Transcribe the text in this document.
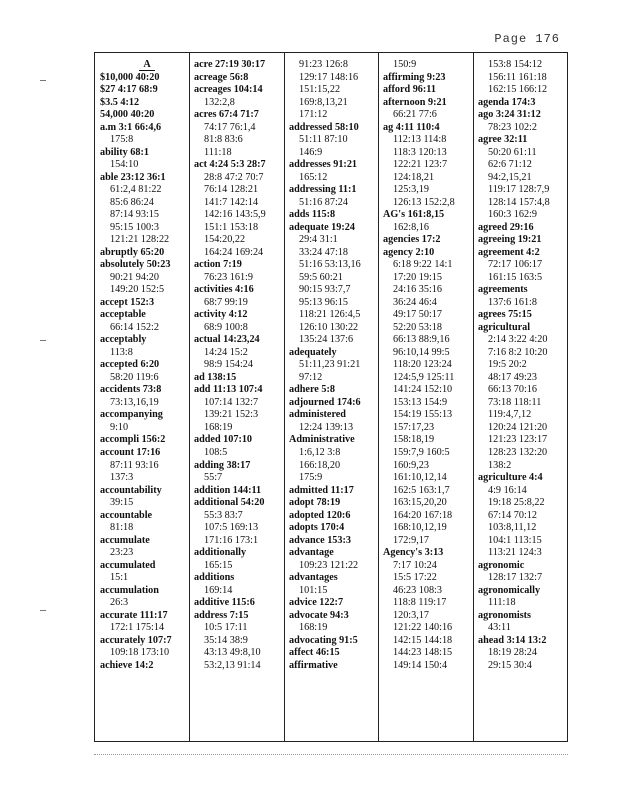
Page 176
A
$10,000 40:20
$27 4:17 68:9
$3.5 4:12
54,000 40:20
a.m 3:1 66:4,6
175:8
ability 68:1
154:10
able 23:12 36:1
61:2,4 81:22
85:6 86:24
87:14 93:15
95:15 100:3
121:21 128:22
abruptly 65:20
absolutely 50:23
90:21 94:20
149:20 152:5
accept 152:3
acceptable
66:14 152:2
acceptably
113:8
accepted 6:20
58:20 119:6
accidents 73:8
73:13,16,19
accompanying
9:10
accompli 156:2
account 17:16
87:11 93:16
137:3
accountability
39:15
accountable
81:18
accumulate
23:23
accumulated
15:1
accumulation
26:3
accurate 111:17
172:1 175:14
accurately 107:7
109:18 173:10
achieve 14:2
acre 27:19 30:17
acreage 56:8
acreages 104:14
132:2,8
acres 67:4 71:7
74:17 76:1,4
81:8 83:6
111:18
act 4:24 5:3 28:7
28:8 47:2 70:7
76:14 128:21
141:7 142:14
142:16 143:5,9
151:1 153:18
154:20,22
164:24 169:24
action 7:19
76:23 161:9
activities 4:16
68:7 99:19
activity 4:12
68:9 100:8
actual 14:23,24
14:24 15:2
98:9 154:24
ad 138:15
add 11:13 107:4
107:14 132:7
139:21 152:3
168:19
added 107:10
108:5
adding 38:17
55:7
addition 144:11
additional 54:20
55:3 83:7
107:5 169:13
171:16 173:1
additionally
165:15
additions
169:14
additive 115:6
address 7:15
10:5 17:11
35:14 38:9
43:13 49:8,10
53:2,13 91:14
91:23 126:8
129:17 148:16
151:15,22
169:8,13,21
171:12
addressed 58:10
51:11 87:10
146:9
addresses 91:21
165:12
addressing 11:1
51:16 87:24
adds 115:8
adequate 19:24
29:4 31:1
33:24 47:18
51:16 53:13,16
59:5 60:21
90:15 93:7,7
95:13 96:15
118:21 126:4,5
126:10 130:22
135:24 137:6
adequately
51:11,23 91:21
97:12
adhere 5:8
adjourned 174:6
administered
12:24 139:13
Administrative
1:6,12 3:8
166:18,20
175:9
admitted 11:17
adopt 78:19
adopted 120:6
adopts 170:4
advance 153:3
advantage
109:23 121:22
advantages
101:15
advice 122:7
advocate 94:3
168:19
advocating 91:5
affect 46:15
affirmative
150:9
affirming 9:23
afford 96:11
afternoon 9:21
66:21 77:6
ag 4:11 110:4
112:13 114:8
118:3 120:13
122:21 123:7
124:18,21
125:3,19
126:13 152:2,8
AG's 161:8,15
162:8,16
agencies 17:2
agency 2:10
6:18 9:22 14:1
17:20 19:15
24:16 35:16
36:24 46:4
49:17 50:17
52:20 53:18
66:13 88:9,16
96:10,14 99:5
118:20 123:24
124:5,9 125:11
141:24 152:10
153:13 154:9
154:19 155:13
157:17,23
158:18,19
159:7,9 160:5
160:9,23
161:10,12,14
162:5 163:1,7
163:15,20,20
164:20 167:18
168:10,12,19
172:9,17
Agency's 3:13
7:17 10:24
15:5 17:22
46:23 108:3
118:8 119:17
120:3,17
121:22 140:16
142:15 144:18
144:23 148:15
149:14 150:4
153:8 154:12
156:11 161:18
162:15 166:12
agenda 174:3
ago 3:24 31:12
78:23 102:2
agree 32:11
50:20 61:11
62:6 71:12
94:2,15,21
119:17 128:7,9
128:14 157:4,8
160:3 162:9
agreed 29:16
agreeing 19:21
agreement 4:2
72:17 106:17
161:15 163:5
agreements
137:6 161:8
agrees 75:15
agricultural
2:14 3:22 4:20
7:16 8:2 10:20
19:5 20:2
48:17 49:23
66:13 70:16
73:18 118:11
119:4,7,12
120:24 121:20
121:23 123:17
128:23 132:20
138:2
agriculture 4:4
4:9 16:14
19:18 25:8,22
67:14 70:12
103:8,11,12
104:1 113:15
113:21 124:3
agronomic
128:17 132:7
agronomically
111:18
agronomists
43:11
ahead 3:14 13:2
18:19 28:24
29:15 30:4
